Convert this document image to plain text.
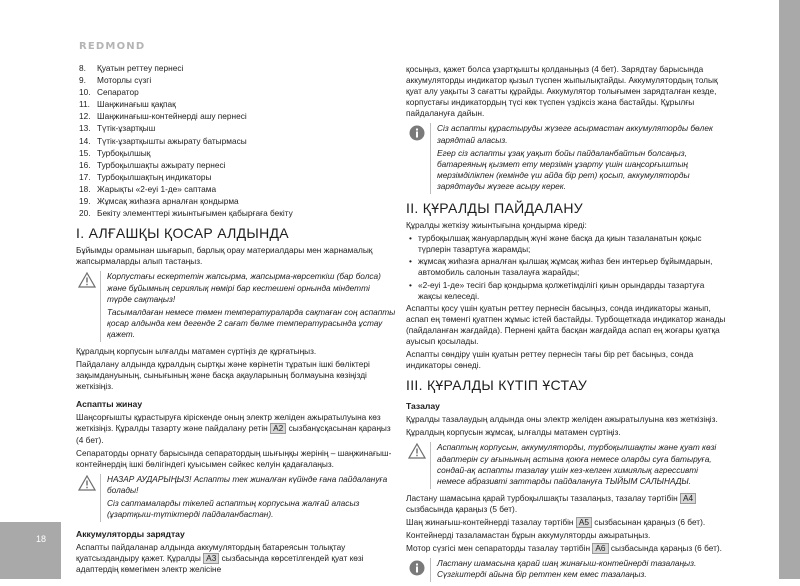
REDMOND
18
8.	Қуатын реттеу пернесі
9.	Моторлы сүзгі
10. Сепаратор
11. Шаңжинағыш қақпақ
12. Шаңжинағыш-контейнерді ашу пернесі
13. Түтік-ұзартқыш
14. Түтік-ұзартқышты ажырату батырмасы
15. Турбоқылшық
16. Турбоқылшақты ажырату пернесі
17. Турбоқылшақтың индикаторы
18. Жарықты «2-еуі 1-де» саптама
19. Жұмсақ жиһазға арналған қондырма
20. Бекіту элементтері жиынтығымен қабырғаға бекіту
I. АЛҒАШҚЫ ҚОСАР АЛДЫНДА
Бұйымды орамынан шығарып, барлық орау материалдары мен жарнамалық жапсырмаларды алып тастаңыз.
Корпустағы ескертетін жапсырма, жапсырма-көрсеткіш (бар болса) және бұйымның сериялық нөмірі бар кестешені орнында міндетті түрде сақтаңыз!
Тасымалдаған немесе төмен температураларда сақтаған соң аспапты қосар алдында кем дегенде 2 сағат бөлме температурасында ұстау қажет.
Құралдың корпусын ылғалды матамен сүртіңіз де құрғатыңыз.
Пайдалану алдында құралдың сыртқы және көрінетін тұратын ішкі бөліктері зақымдануының, сынығының және басқа ақауларының болмауына көзіңізді жеткізіңіз.
Аспапты жинау
Шаңсорғышты құрастыруға кіріскенде оның электр желіден ажыратылуына көз жеткізіңіз. Құралды тазарту және пайдалану ретін A2 сызбанұсқасынан қараңыз (4 бет).
Сепараторды орнату барысында сепаратордың шығыңқы жерінің – шаңжинағыш-контейнердің ішкі бөлігіндегі қуысымен сәйкес келуін қадағалаңыз.
НАЗАР АУДАРЫҢЫЗ! Аспапты тек жиналған күйінде ғана пайдалануға болады!
Сіз саптамаларды тікелей аспаптың корпусына жалғай аласыз (ұзартқыш-түтіктерді пайдаланбастан).
Аккумуляторды зарядтау
Аспапты пайдаланар алдында аккумулятордың батареясын толықтау қуатсыздандыру қажет. Құралды A3 сызбасында көрсетілгендей қуат көзі адаптердің көмегімен электр желісіне
қосыңыз, қажет болса ұзартқышты қолданыңыз (4 бет). Зарядтау барысында аккумуляторды индикатор қызыл түспен жыпылықтайды. Аккумулятордың толық қуат алу уақыты 3 сағатты құрайды. Аккумулятор толығымен зарядталған кезде, корпустағы индикатордың түсі көк түспен үздіксіз жана бастайды. Құрылғы пайдалануға дайын.
Сіз аспапты құрастыруды жүзеге асырмастан аккумуляторды бөлек зарядтай аласыз.
Егер сіз аспапты ұзақ уақыт бойы пайдаланбайтын болсаңыз, батареяның қызмет ету мерзімін ұзарту үшін шаңсорғыштың мерзімділікпен (кемінде үш айда бір рет) қосып, аккумуляторды зарядтауды жүзеге асыру керек.
II. ҚҰРАЛДЫ ПАЙДАЛАНУ
Құралды жеткізу жиынтығына қондырма кіреді:
• турбоқылшақ жануарлардың жүні және басқа да қиын тазаланатын қоқыс түрлерін тазартуға жарамды;
• жұмсақ жиһазға арналған қылшақ жұмсақ жиһаз бен интерьер бұйымдарын, автомобиль салонын тазалауға жарайды;
• «2-еуі 1-де» тесігі бар қондырма қолжетімділігі қиын орындарды тазартуға жақсы келеседі.
Аспапты қосу үшін қуатын реттеу пернесін басыңыз, сонда индикаторы жанып, аспап ең төменгі қуатпен жұмыс істей бастайды. Турбощеткада индикатор жанады (пайдаланған жағдайда). Пернені қайта басқан жағдайда аспап ең жоғары қуатқа ауысып қосылады.
Аспапты сөндіру үшін қуатын реттеу пернесін тағы бір рет басыңыз, сонда индикаторы сөнеді.
III. ҚҰРАЛДЫ КҮТІП ҰСТАУ
Тазалау
Құралды тазалаудың алдында оны электр желіден ажыратылуына көз жеткізіңіз.
Құралдың корпусын жұмсақ, ылғалды матамен сүртіңіз.
Аспаптың корпусын, аккумуляторды, турбоқылшақты және қуат көзі адаптерін су ағынының астына қоюға немесе оларды суға батыруға, сондай-ақ аспапты тазалау үшін кез-келген химиялық агрессивті немесе абразивті заттарды пайдалануға ТЫЙЫМ САЛЫНАДЫ.
Ластану шамасына қарай турбоқылшақты тазалаңыз, тазалау тәртібін A4 сызбасында қараңыз (5 бет).
Шаң жинағыш-контейнерді тазалау тәртібін A5 сызбасынан қараңыз (6 бет).
Контейнерді тазаламастан бұрын аккумуляторды ажыратыңыз.
Мотор сүзгісі мен сепараторды тазалау тәртібін A6 сызбасында қараңыз (6 бет).
Ластану шамасына қарай шаң жинағыш-контейнерді тазалаңыз. Сүзгіштерді айына бір реттен кем емес тазалаңыз.
